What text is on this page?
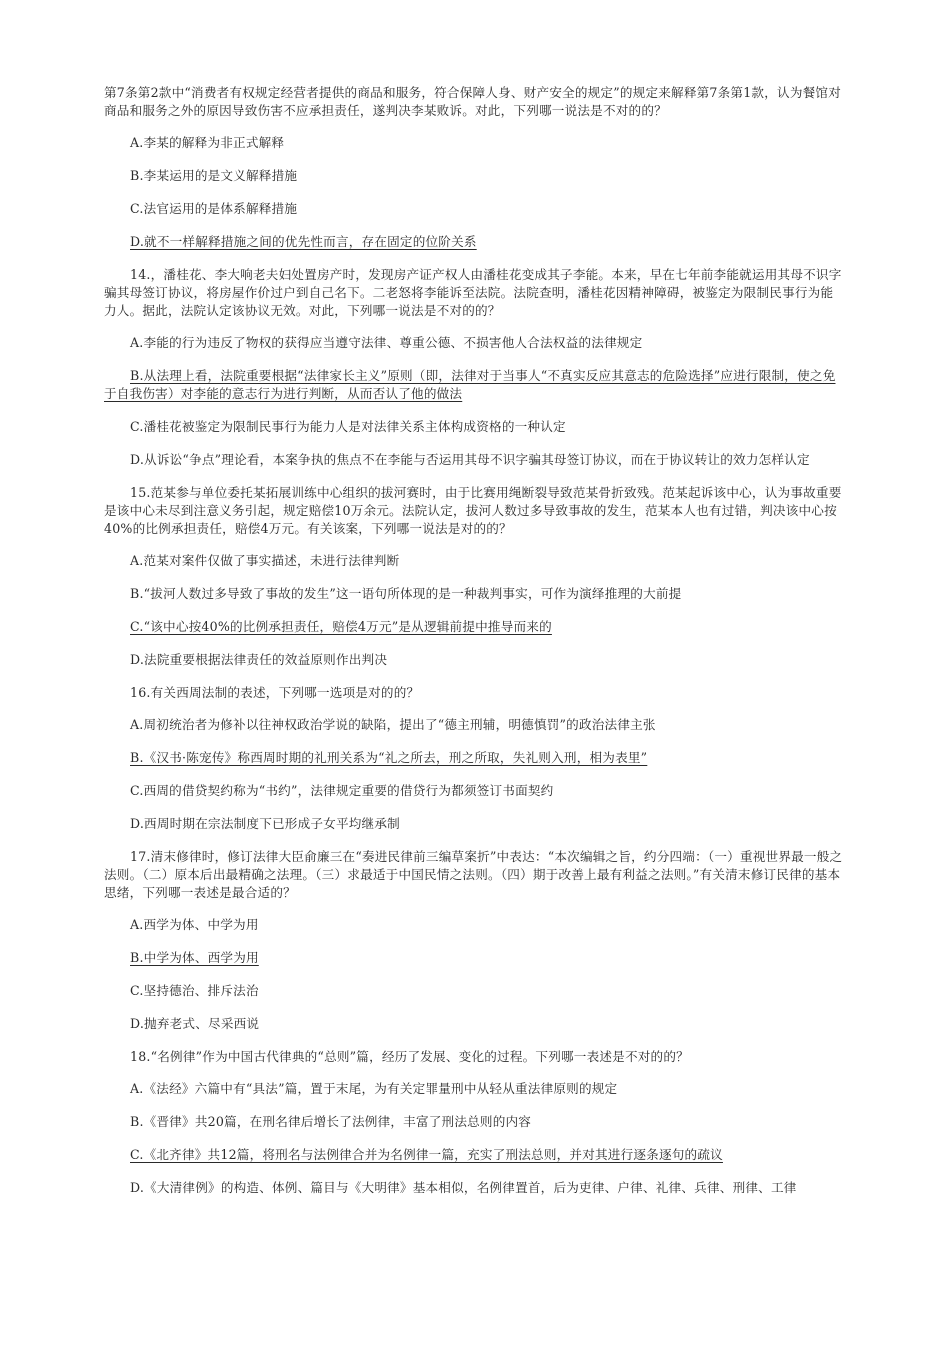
第7条第2款中“消费者有权规定经营者提供的商品和服务，符合保障人身、财产安全的规定”的规定来解释第7条第1款，认为餐馆对商品和服务之外的原因导致伤害不应承担责任，遂判决李某败诉。对此，下列哪一说法是不对的的？

A.李某的解释为非正式解释

B.李某运用的是文义解释措施

C.法官运用的是体系解释措施

D.就不一样解释措施之间的优先性而言，存在固定的位阶关系

14.，潘桂花、李大响老夫妇处置房产时，发现房产证产权人由潘桂花变成其子李能。本来，早在七年前李能就运用其母不识字骗其母签订协议，将房屋作价过户到自己名下。二老怒将李能诉至法院。法院查明，潘桂花因精神障碍，被鉴定为限制民事行为能力人。据此，法院认定该协议无效。对此，下列哪一说法是不对的的？

A.李能的行为违反了物权的获得应当遵守法律、尊重公德、不损害他人合法权益的法律规定

B.从法理上看，法院重要根据“法律家长主义”原则（即，法律对于当事人“不真实反应其意志的危险选择”应进行限制，使之免于自我伤害）对李能的意志行为进行判断，从而否认了他的做法

C.潘桂花被鉴定为限制民事行为能力人是对法律关系主体构成资格的一种认定

D.从诉讼“争点”理论看，本案争执的焦点不在李能与否运用其母不识字骗其母签订协议，而在于协议转让的效力怎样认定

15.范某参与单位委托某拓展训练中心组织的拔河赛时，由于比赛用绳断裂导致范某骨折致残。范某起诉该中心，认为事故重要是该中心未尽到注意义务引起，规定赔偿10万余元。法院认定，拔河人数过多导致事故的发生，范某本人也有过错，判决该中心按40%的比例承担责任，赔偿4万元。有关该案，下列哪一说法是对的的？

A.范某对案件仅做了事实描述，未进行法律判断

B.“拔河人数过多导致了事故的发生”这一语句所体现的是一种裁判事实，可作为演绎推理的大前提

C.“该中心按40%的比例承担责任，赔偿4万元”是从逻辑前提中推导而来的

D.法院重要根据法律责任的效益原则作出判决

16.有关西周法制的表述，下列哪一选项是对的的？

A.周初统治者为修补以往神权政治学说的缺陷，提出了“德主刑辅，明德慎罚”的政治法律主张

B.《汉书·陈宠传》称西周时期的礼刑关系为“礼之所去，刑之所取，失礼则入刑，相为表里”

C.西周的借贷契约称为“书约”，法律规定重要的借贷行为都须签订书面契约

D.西周时期在宗法制度下已形成子女平均继承制

17.清末修律时，修订法律大臣俞廉三在“奏进民律前三编草案折”中表达：“本次编辑之旨，约分四端：（一）重视世界最一般之法则。（二）原本后出最精确之法理。（三）求最适于中国民情之法则。（四）期于改善上最有利益之法则。”有关清末修订民律的基本思绪，下列哪一表述是最合适的？

A.西学为体、中学为用

B.中学为体、西学为用

C.坚持德治、排斥法治

D.抛弃老式、尽采西说

18.“名例律”作为中国古代律典的“总则”篇，经历了发展、变化的过程。下列哪一表述是不对的的？

A.《法经》六篇中有“具法”篇，置于末尾，为有关定罪量刑中从轻从重法律原则的规定

B.《晋律》共20篇，在刑名律后增长了法例律，丰富了刑法总则的内容

C.《北齐律》共12篇，将刑名与法例律合并为名例律一篇，充实了刑法总则，并对其进行逐条逐句的疏议

D.《大清律例》的构造、体例、篇目与《大明律》基本相似，名例律置首，后为吏律、户律、礼律、兵律、刑律、工律
